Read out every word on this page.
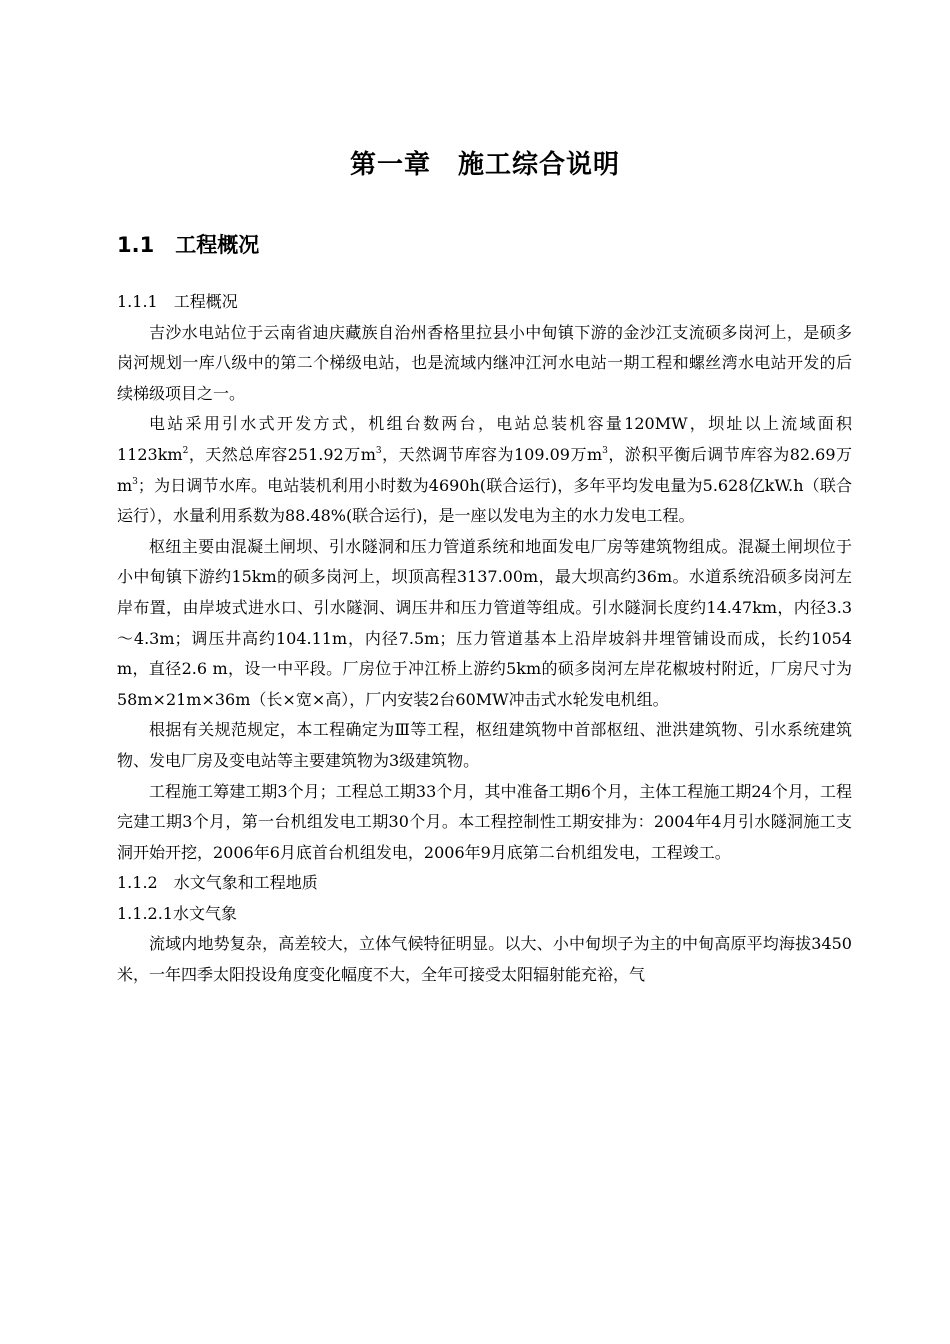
第一章　施工综合说明
1.1　工程概况

1.1.1　工程概况

吉沙水电站位于云南省迪庆藏族自治州香格里拉县小中甸镇下游的金沙江支流硕多岗河上，是硕多岗河规划一库八级中的第二个梯级电站，也是流域内继冲江河水电站一期工程和螺丝湾水电站开发的后续梯级项目之一。

电站采用引水式开发方式，机组台数两台，电站总装机容量120MW，坝址以上流域面积$1123km^2$，天然总库容251.92万$m^3$，天然调节库容为109.09万$m^3$，淤积平衡后调节库容为82.69万$m^3$；为日调节水库。电站装机利用小时数为4690h(联合运行)，多年平均发电量为5.628亿kW.h（联合运行），水量利用系数为88.48%(联合运行)，是一座以发电为主的水力发电工程。

枢纽主要由混凝土闸坝、引水隧洞和压力管道系统和地面发电厂房等建筑物组成。混凝土闸坝位于小中甸镇下游约15km的硕多岗河上，坝顶高程3137.00m，最大坝高约36m。水道系统沿硕多岗河左岸布置，由岸坡式进水口、引水隧洞、调压井和压力管道等组成。引水隧洞长度约14.47km，内径3.3～4.3m；调压井高约104.11m，内径7.5m；压力管道基本上沿岸坡斜井埋管铺设而成，长约1054 m，直径2.6 m，设一中平段。厂房位于冲江桥上游约5km的硕多岗河左岸花椒坡村附近，厂房尺寸为58m×21m×36m（长×宽×高），厂内安装2台60MW冲击式水轮发电机组。

根据有关规范规定，本工程确定为Ⅲ等工程，枢纽建筑物中首部枢纽、泄洪建筑物、引水系统建筑物、发电厂房及变电站等主要建筑物为3级建筑物。

工程施工筹建工期3个月；工程总工期33个月，其中准备工期6个月，主体工程施工期24个月，工程完建工期3个月，第一台机组发电工期30个月。本工程控制性工期安排为：2004年4月引水隧洞施工支洞开始开挖，2006年6月底首台机组发电，2006年9月底第二台机组发电，工程竣工。

1.1.2　水文气象和工程地质

1.1.2.1水文气象

流域内地势复杂，高差较大，立体气候特征明显。以大、小中甸坝子为主的中甸高原平均海拔3450米，一年四季太阳投设角度变化幅度不大，全年可接受太阳辐射能充裕，气
